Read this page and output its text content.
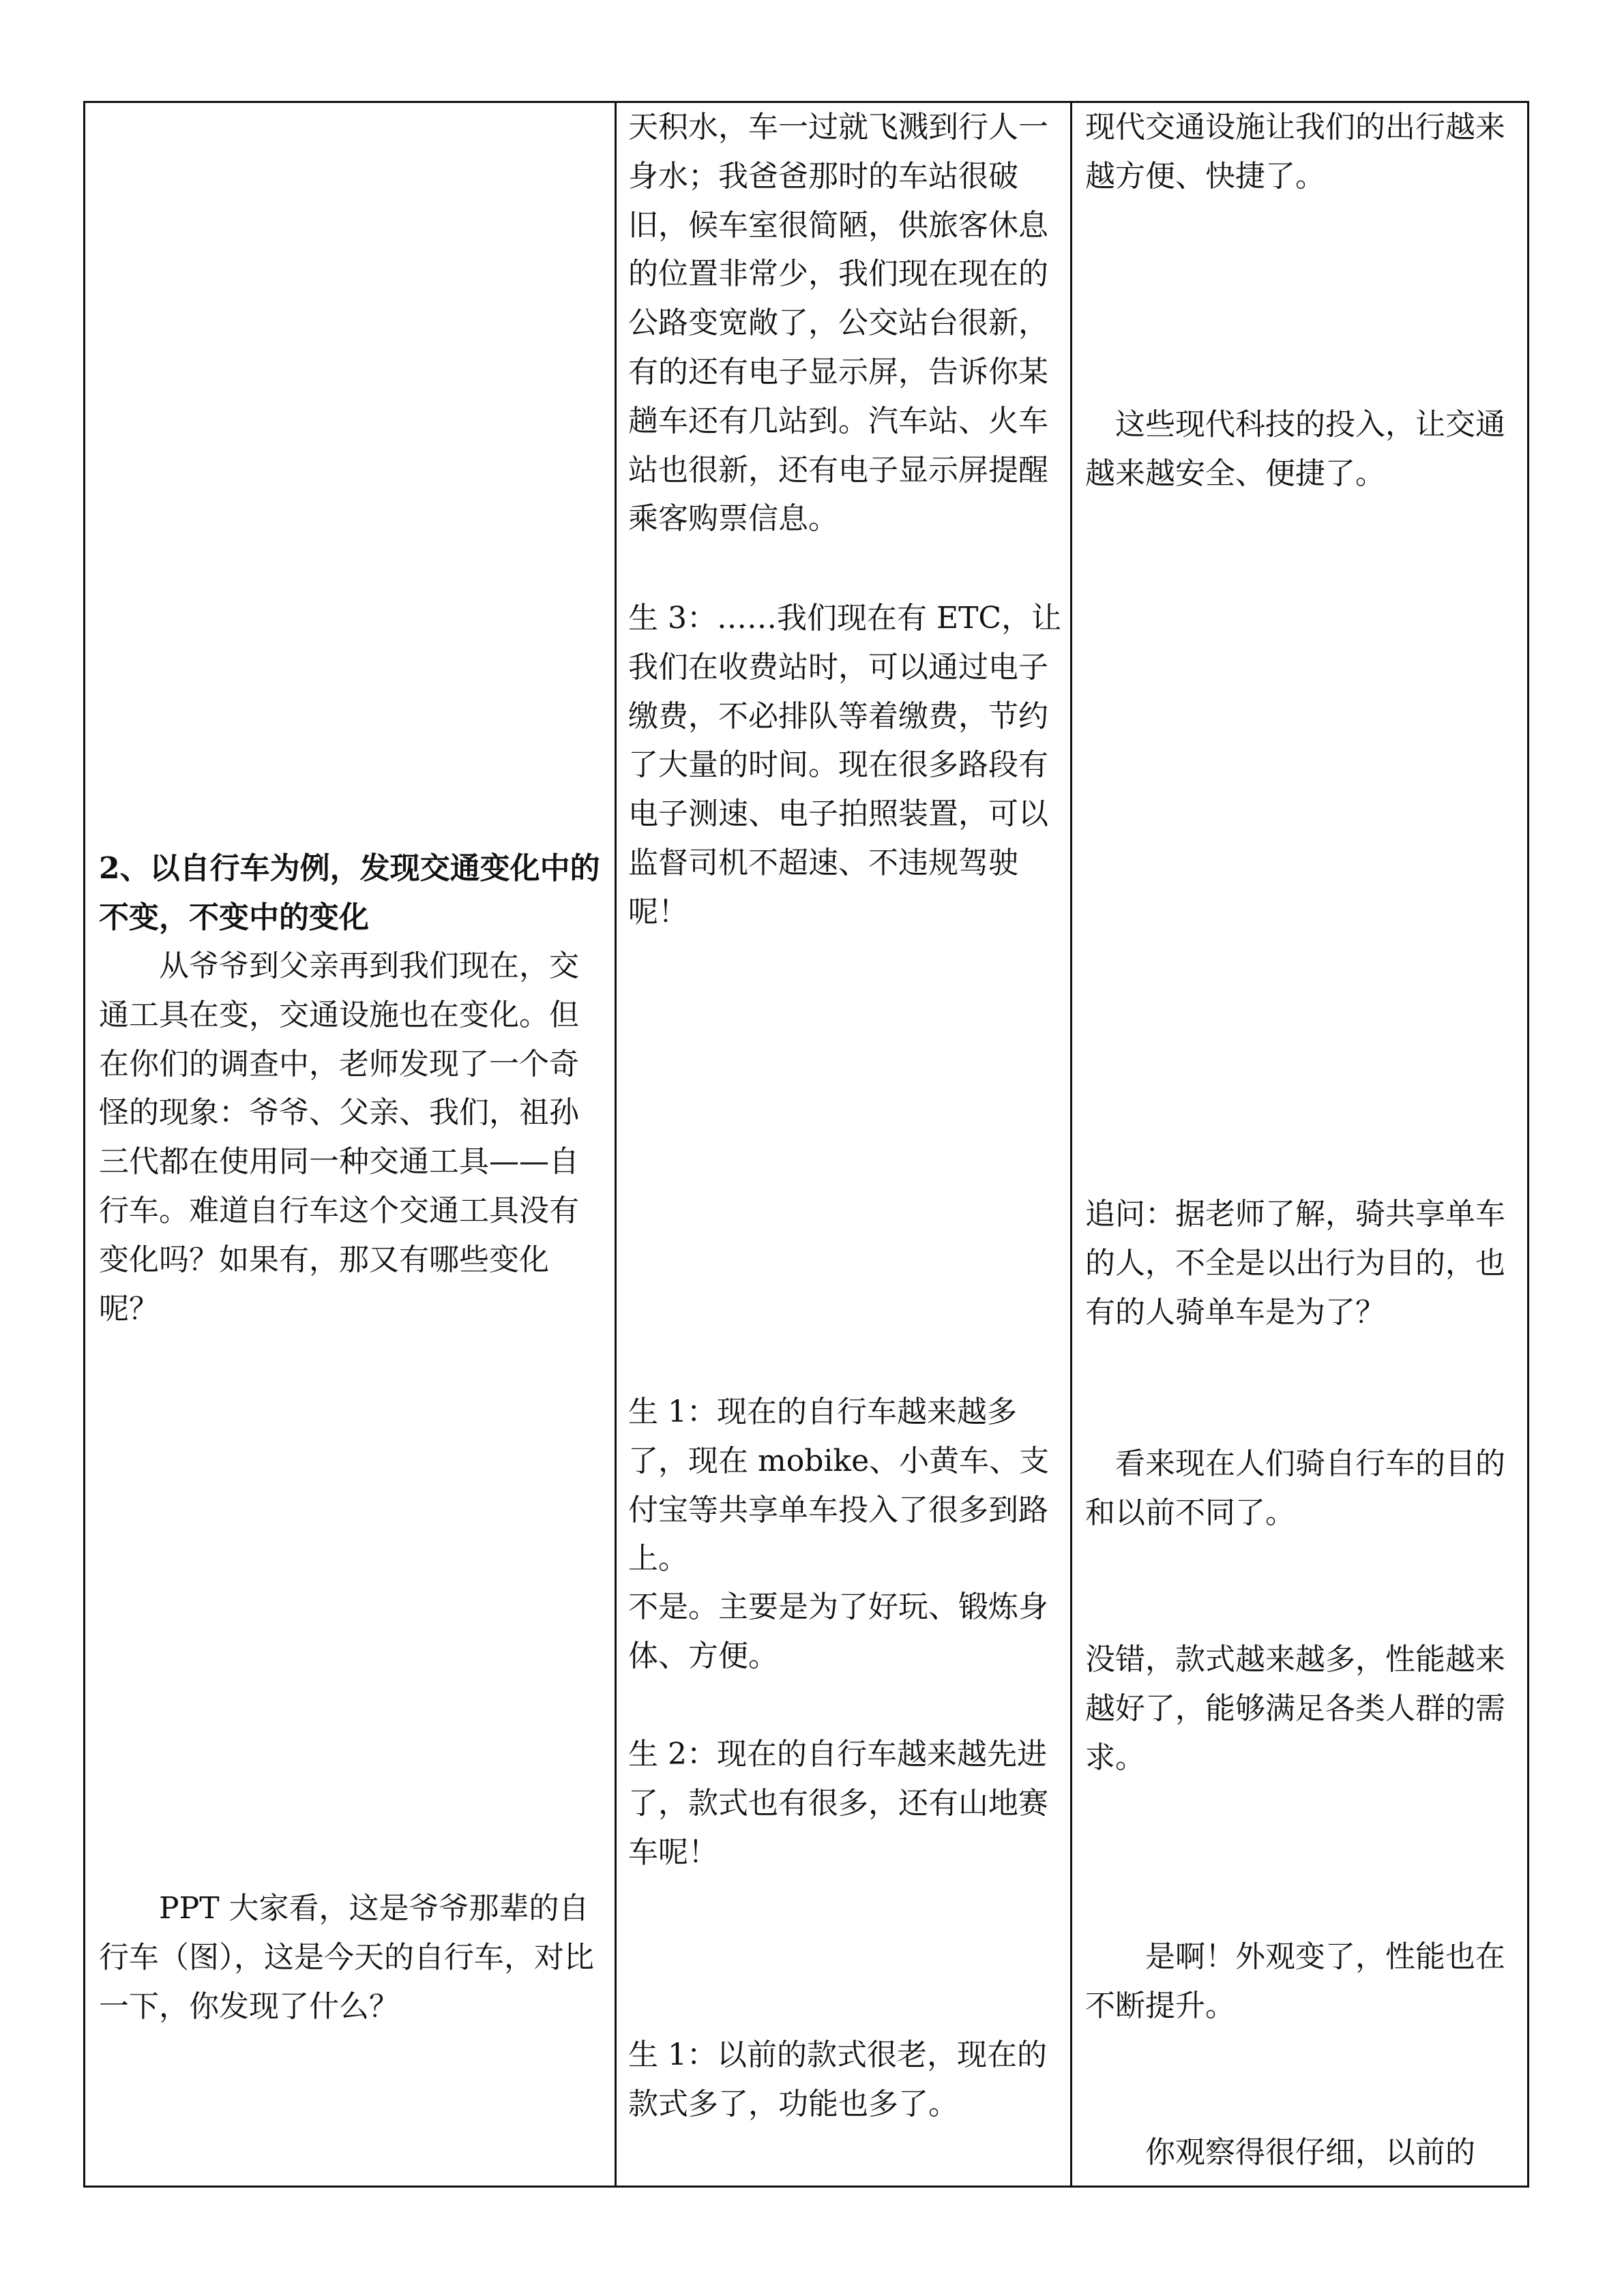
2、以自行车为例，发现交通变化中的不变，不变中的变化

　　从爷爷到父亲再到我们现在，交通工具在变，交通设施也在变化。但在你们的调查中，老师发现了一个奇怪的现象：爷爷、父亲、我们，祖孙三代都在使用同一种交通工具——自行车。难道自行车这个交通工具没有变化吗？如果有，那又有哪些变化呢？

　　PPT 大家看，这是爷爷那辈的自行车（图），这是今天的自行车，对比一下，你发现了什么？

天积水，车一过就飞溅到行人一身水；我爸爸那时的车站很破旧，候车室很简陋，供旅客休息的位置非常少，我们现在现在的公路变宽敞了，公交站台很新，有的还有电子显示屏，告诉你某趟车还有几站到。汽车站、火车站也很新，还有电子显示屏提醒乘客购票信息。

生 3：……我们现在有 ETC，让我们在收费站时，可以通过电子缴费，不必排队等着缴费，节约了大量的时间。现在很多路段有电子测速、电子拍照装置，可以监督司机不超速、不违规驾驶呢！

生 1：现在的自行车越来越多了，现在 mobike、小黄车、支付宝等共享单车投入了很多到路上。

不是。主要是为了好玩、锻炼身体、方便。

生 2：现在的自行车越来越先进了，款式也有很多，还有山地赛车呢！

生 1：以前的款式很老，现在的款式多了，功能也多了。

现代交通设施让我们的出行越来越方便、快捷了。

　这些现代科技的投入，让交通越来越安全、便捷了。

追问：据老师了解，骑共享单车的人，不全是以出行为目的，也有的人骑单车是为了？

　看来现在人们骑自行车的目的和以前不同了。

没错，款式越来越多，性能越来越好了，能够满足各类人群的需求。

　　是啊！外观变了，性能也在不断提升。

　　你观察得很仔细，以前的
